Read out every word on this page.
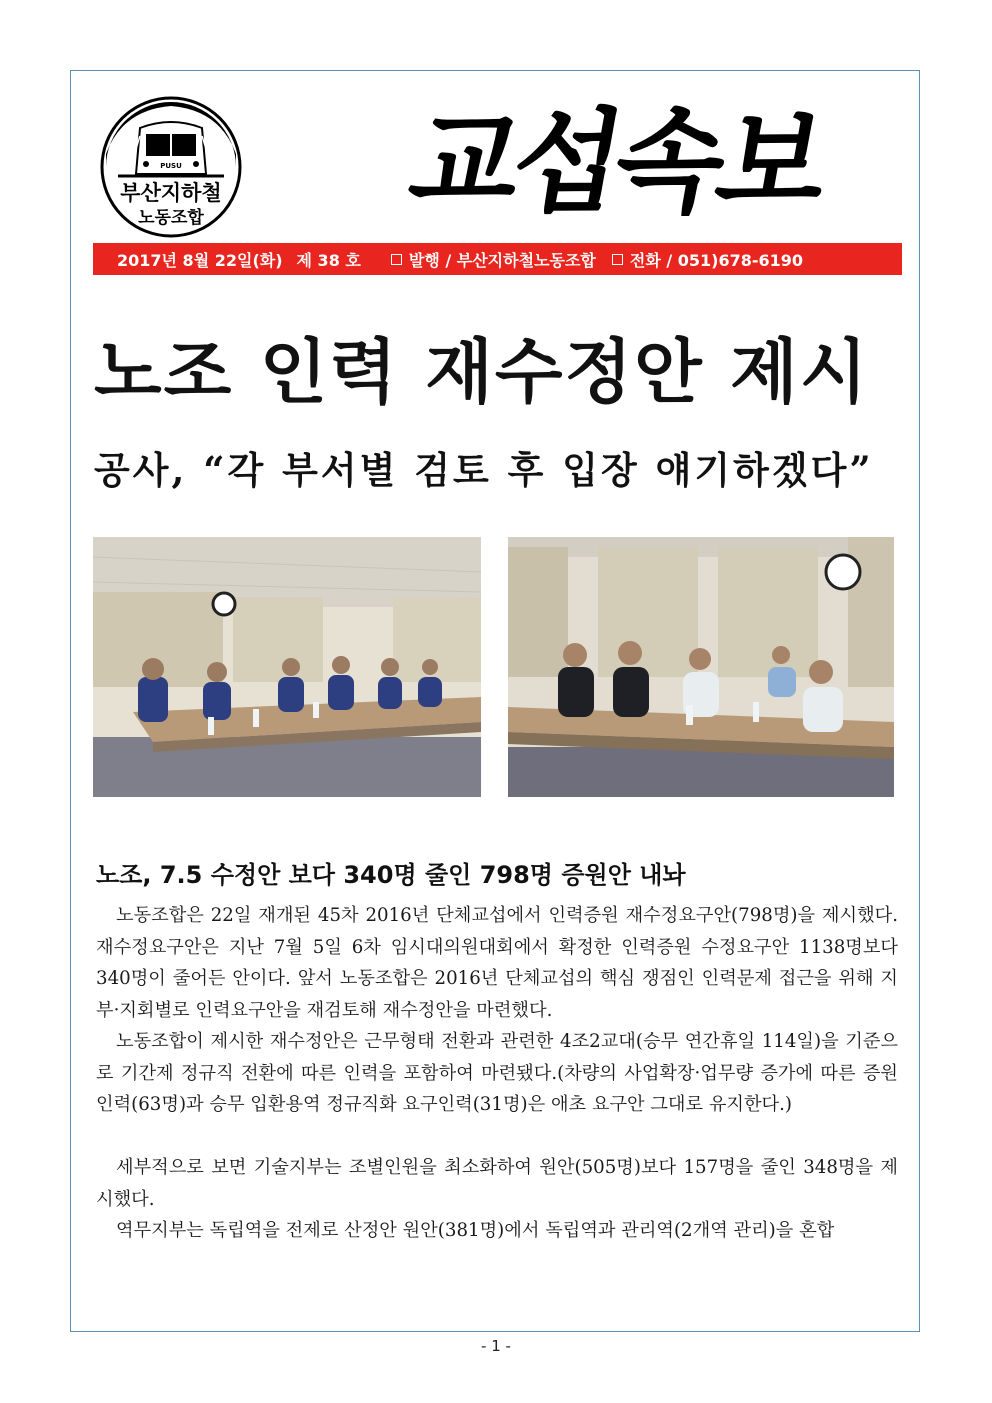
PUSU
부산지하철
노동조합 교섭속보
2017년 8월 22일(화) 제 38 호	발행 / 부산지하철노동조합 전화 / 051)678-6190
노조 인력 재수정안 제시
공사, “각 부서별 검토 후 입장 얘기하겠다”
노조, 7.5 수정안 보다 340명 줄인 798명 증원안 내놔

노동조합은 22일 재개된 45차 2016년 단체교섭에서 인력증원 재수정요구안(798명)을 제시했다. 재수정요구안은 지난 7월 5일 6차 임시대의원대회에서 확정한 인력증원 수정요구안 1138명보다 340명이 줄어든 안이다. 앞서 노동조합은 2016년 단체교섭의 핵심 쟁점인 인력문제 접근을 위해 지부·지회별로 인력요구안을 재검토해 재수정안을 마련했다.

노동조합이 제시한 재수정안은 근무형태 전환과 관련한 4조2교대(승무 연간휴일 114일)을 기준으로 기간제 정규직 전환에 따른 인력을 포함하여 마련됐다.(차량의 사업확장·업무량 증가에 따른 증원인력(63명)과 승무 입환용역 정규직화 요구인력(31명)은 애초 요구안 그대로 유지한다.)

세부적으로 보면 기술지부는 조별인원을 최소화하여 원안(505명)보다 157명을 줄인 348명을 제시했다.

역무지부는 독립역을 전제로 산정안 원안(381명)에서 독립역과 관리역(2개역 관리)을 혼합

- 1 -
